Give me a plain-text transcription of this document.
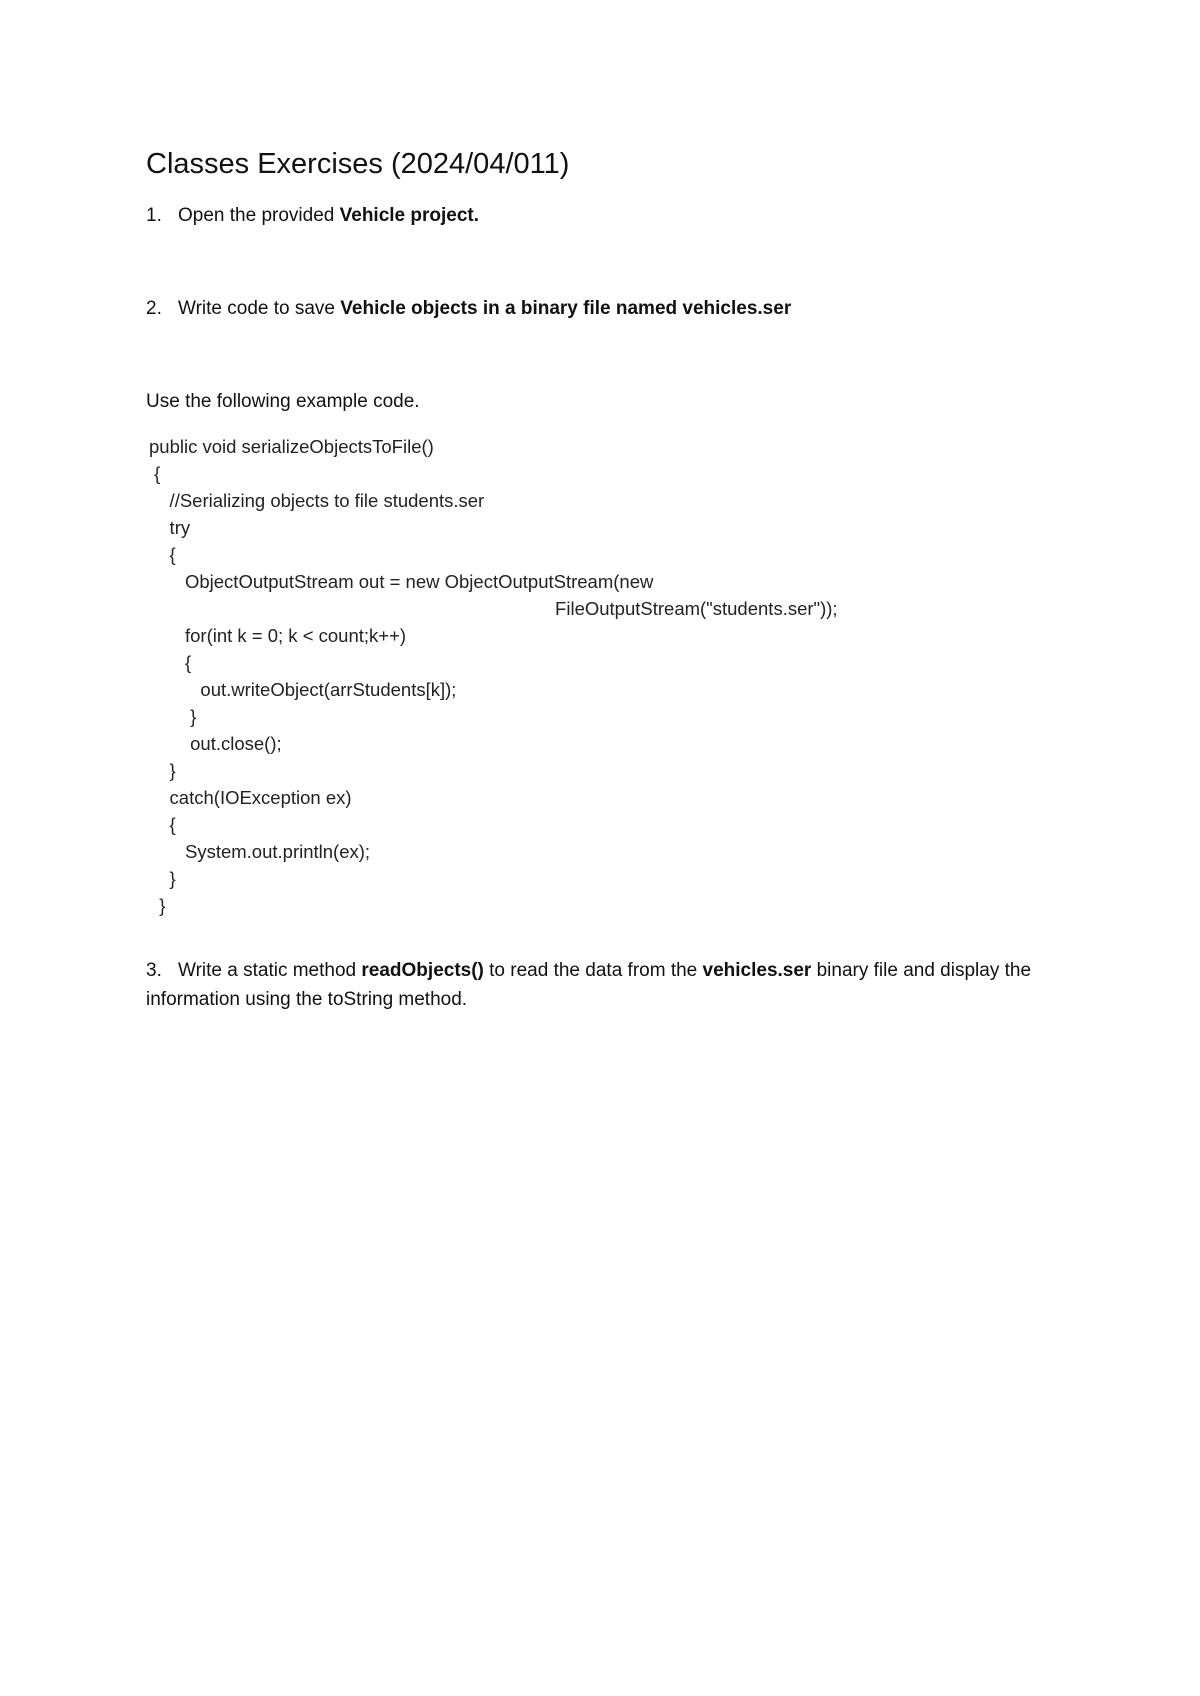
Classes Exercises (2024/04/011)
1. Open the provided Vehicle project.
2. Write code to save Vehicle objects in a binary file named vehicles.ser
Use the following example code.
public void serializeObjectsToFile()
{
//Serializing objects to file students.ser
try
{
ObjectOutputStream out = new ObjectOutputStream(new
FileOutputStream("students.ser"));
for(int k = 0; k < count;k++)
{
out.writeObject(arrStudents[k]);
}
out.close();
}
catch(IOException ex)
{
System.out.println(ex);
}
}
3. Write a static method readObjects() to read the data from the vehicles.ser binary file and display the information using the toString method.
